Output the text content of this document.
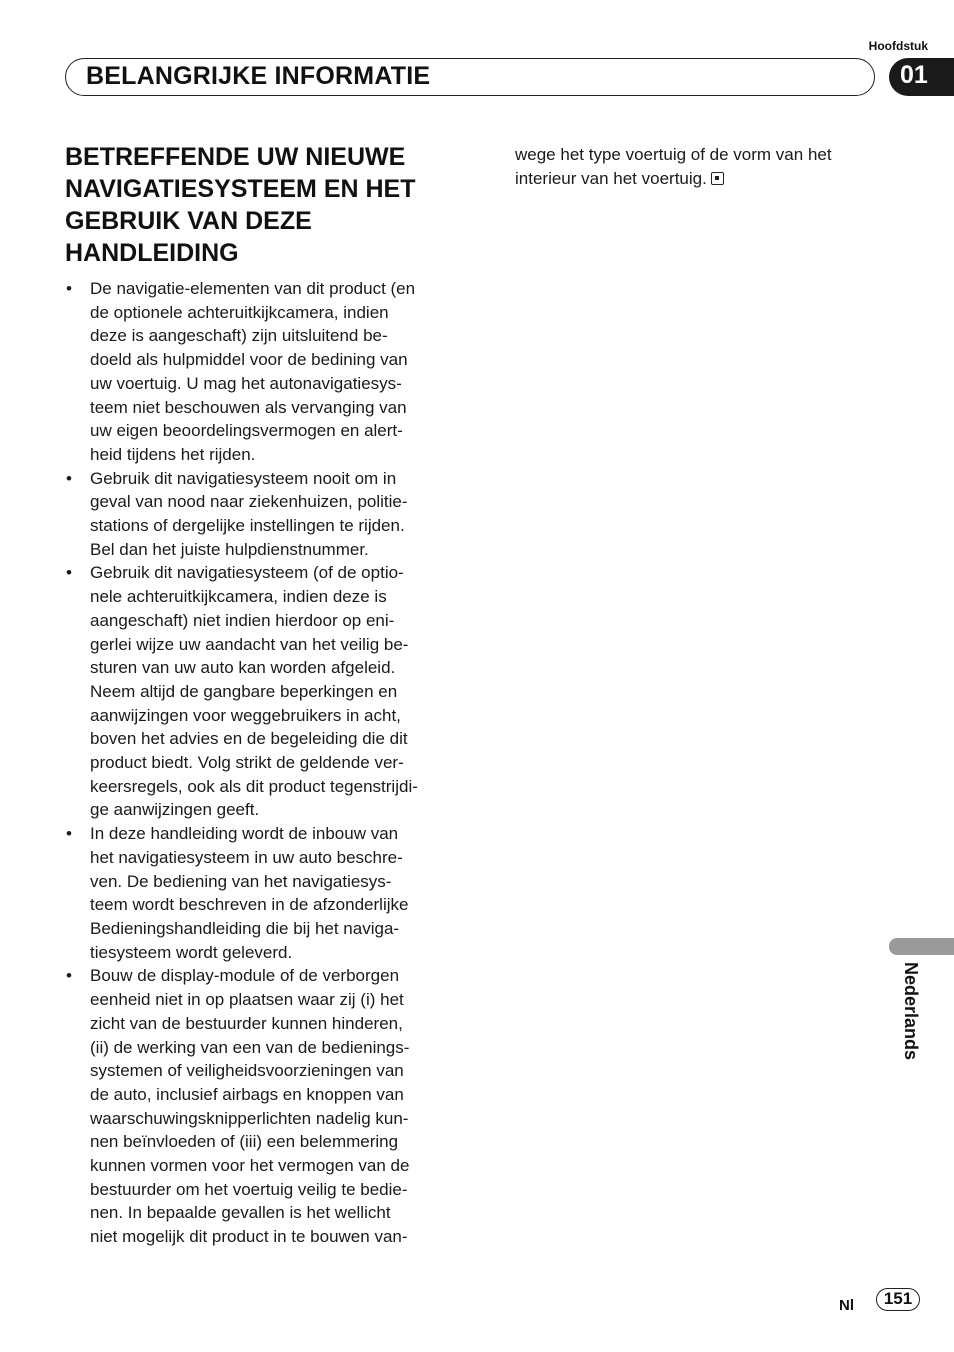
Hoofdstuk
BELANGRIJKE INFORMATIE	01
BETREFFENDE UW NIEUWE NAVIGATIESYSTEEM EN HET GEBRUIK VAN DEZE HANDLEIDING
• De navigatie-elementen van dit product (en
de optionele achteruitkijkcamera, indien
deze is aangeschaft) zijn uitsluitend be-
doeld als hulpmiddel voor de bedining van
uw voertuig. U mag het autonavigatiesys-
teem niet beschouwen als vervanging van
uw eigen beoordelingsvermogen en alert-
heid tijdens het rijden.
• Gebruik dit navigatiesysteem nooit om in
geval van nood naar ziekenhuizen, politie-
stations of dergelijke instellingen te rijden.
Bel dan het juiste hulpdienstnummer.
• Gebruik dit navigatiesysteem (of de optio-
nele achteruitkijkcamera, indien deze is
aangeschaft) niet indien hierdoor op eni-
gerlei wijze uw aandacht van het veilig be-
sturen van uw auto kan worden afgeleid.
Neem altijd de gangbare beperkingen en
aanwijzingen voor weggebruikers in acht,
boven het advies en de begeleiding die dit
product biedt. Volg strikt de geldende ver-
keersregels, ook als dit product tegenstrijdi-
ge aanwijzingen geeft.
• In deze handleiding wordt de inbouw van
het navigatiesysteem in uw auto beschre-
ven. De bediening van het navigatiesys-
teem wordt beschreven in de afzonderlijke
Bedieningshandleiding die bij het naviga-
tiesysteem wordt geleverd.
• Bouw de display-module of de verborgen
eenheid niet in op plaatsen waar zij (i) het
zicht van de bestuurder kunnen hinderen,
(ii) de werking van een van de bedienings-
systemen of veiligheidsvoorzieningen van
de auto, inclusief airbags en knoppen van
waarschuwingsknipperlichten nadelig kun-
nen beïnvloeden of (iii) een belemmering
kunnen vormen voor het vermogen van de
bestuurder om het voertuig veilig te bedie-
nen. In bepaalde gevallen is het wellicht
niet mogelijk dit product in te bouwen van-
wege het type voertuig of de vorm van het
interieur van het voertuig.
Nederlands
Nl	151
